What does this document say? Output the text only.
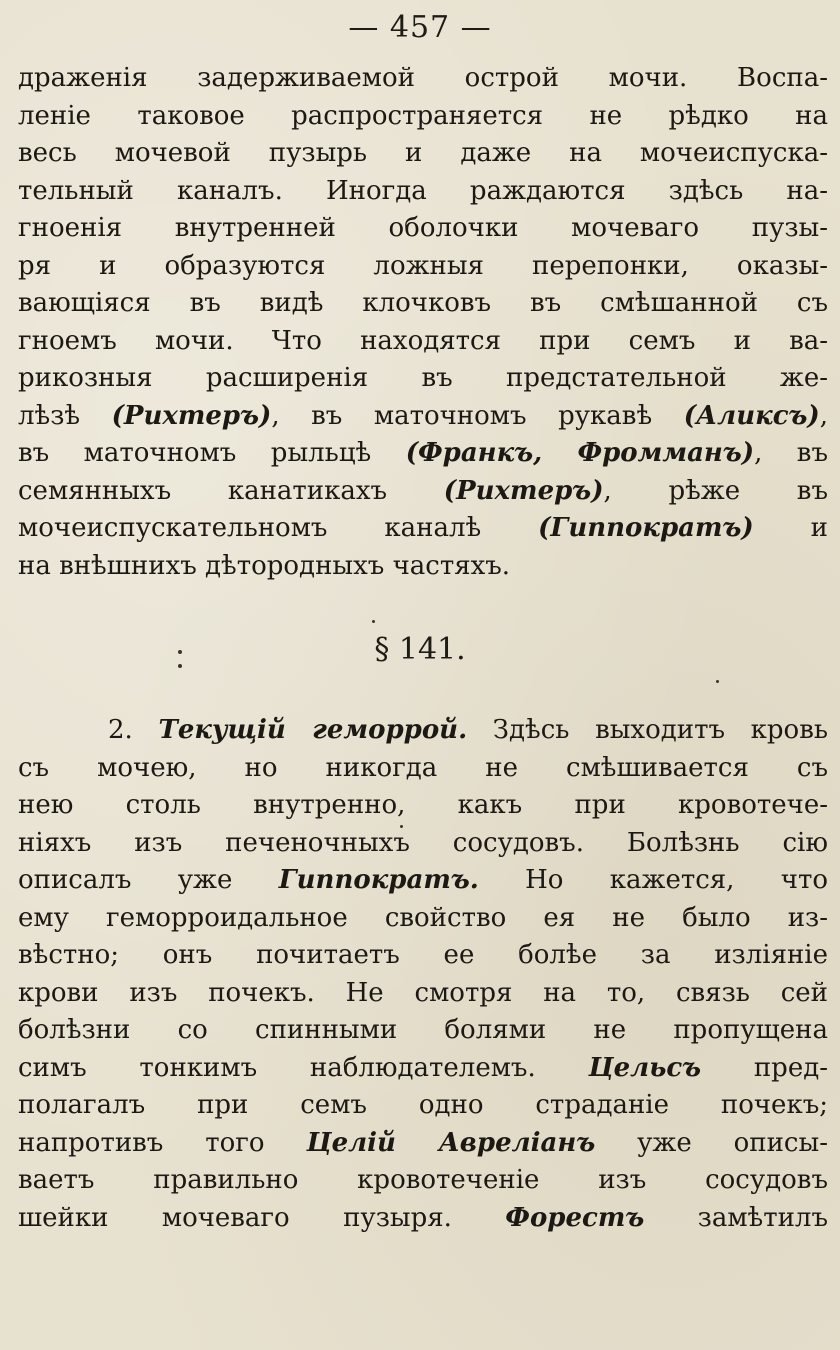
— 457 —
драженія задерживаемой острой мочи. Воспа-
леніе таковое распространяется не рѣдко на
весь мочевой пузырь и даже на мочеиспуска-
тельный каналъ. Иногда раждаются здѣсь на-
гноенія внутренней оболочки мочеваго пузы-
ря и образуются ложныя перепонки, оказы-
вающіяся въ видѣ клочковъ въ смѣшанной съ
гноемъ мочи. Что находятся при семъ и ва-
рикозныя расширенія въ предстательной же-
лѣзѣ (Рихтеръ), въ маточномъ рукавѣ (Аликсъ),
въ маточномъ рыльцѣ (Франкъ, Фромманъ), въ
семянныхъ канатикахъ (Рихтеръ), рѣже въ
мочеиспускательномъ каналѣ (Гиппократъ) и
на внѣшнихъ дѣтородныхъ частяхъ.
§ 141.
2. Текущій геморрой. Здѣсь выходитъ кровь
съ мочею, но никогда не смѣшивается съ
нею столь внутренно, какъ при кровотече-
ніяхъ изъ печеночныхъ сосудовъ. Болѣзнь сію
описалъ уже Гиппократъ. Но кажется, что
ему геморроидальное свойство ея не было из-
вѣстно; онъ почитаетъ ее болѣе за изліяніе
крови изъ почекъ. Не смотря на то, связь сей
болѣзни со спинными болями не пропущена
симъ тонкимъ наблюдателемъ. Цельсъ пред-
полагалъ при семъ одно страданіе почекъ;
напротивъ того Целій Авреліанъ уже описы-
ваетъ правильно кровотеченіе изъ сосудовъ
шейки мочеваго пузыря. Форестъ замѣтилъ
